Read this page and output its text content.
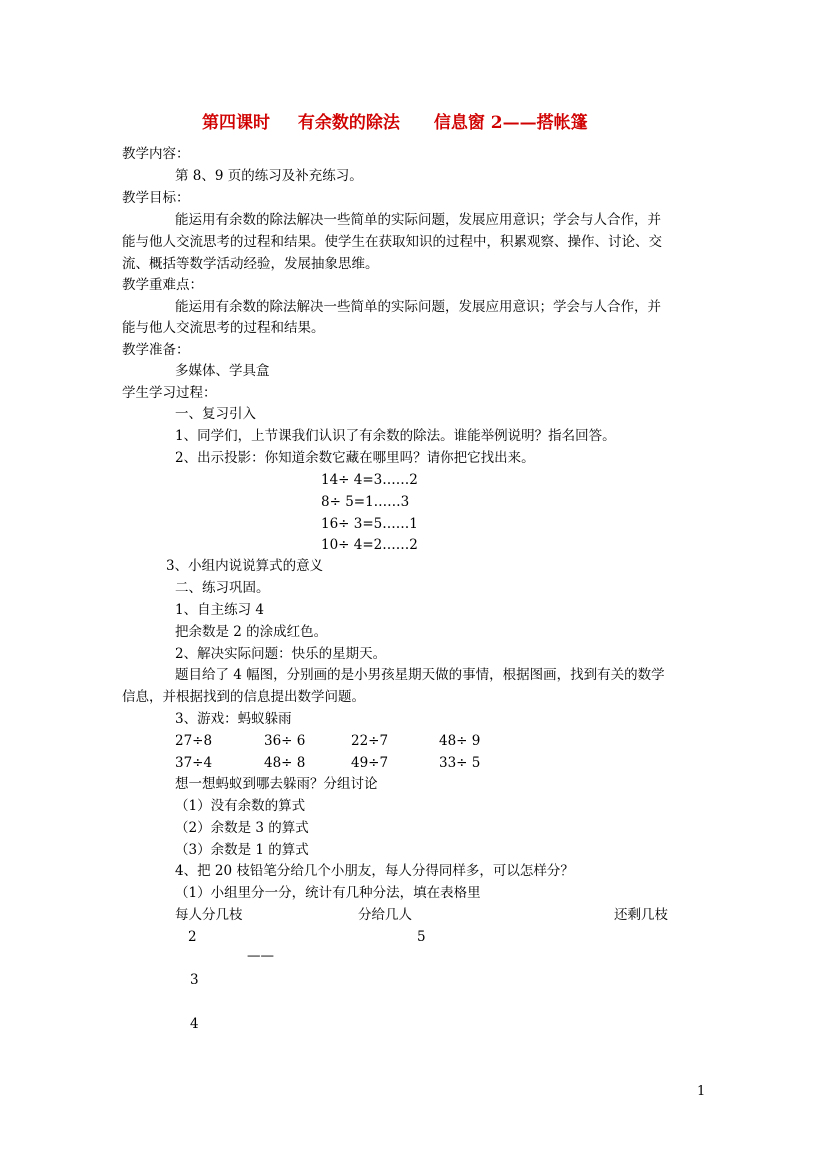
第四课时 有余数的除法 信息窗 2——搭帐篷
教学内容：
第 8、9 页的练习及补充练习。
教学目标：
能运用有余数的除法解决一些简单的实际问题，发展应用意识；学会与人合作，并
能与他人交流思考的过程和结果。使学生在获取知识的过程中，积累观察、操作、讨论、交
流、概括等数学活动经验，发展抽象思维。
教学重难点：
能运用有余数的除法解决一些简单的实际问题，发展应用意识；学会与人合作，并
能与他人交流思考的过程和结果。
教学准备：
多媒体、学具盒
学生学习过程：
一、复习引入
1、同学们，上节课我们认识了有余数的除法。谁能举例说明？指名回答。
2、出示投影：你知道余数它藏在哪里吗？请你把它找出来。
14÷ 4=3……2
8÷ 5=1……3
16÷ 3=5……1
10÷ 4=2……2
3、小组内说说算式的意义
二、练习巩固。
1、自主练习 4
把余数是 2 的涂成红色。
2、解决实际问题：快乐的星期天。
题目给了 4 幅图，分别画的是小男孩星期天做的事情，根据图画，找到有关的数学
信息，并根据找到的信息提出数学问题。
3、游戏：蚂蚁躲雨
27÷8	36÷ 6	22÷7	48÷ 9
37÷4	48÷ 8	49÷7	33÷ 5
想一想蚂蚁到哪去躲雨？分组讨论
（1）没有余数的算式
（2）余数是 3 的算式
（3）余数是 1 的算式
4、把 20 枝铅笔分给几个小朋友，每人分得同样多，可以怎样分？
（1）小组里分一分，统计有几种分法，填在表格里
每人分几枝	分给几人	还剩几枝
2	5
——
3
4
1
